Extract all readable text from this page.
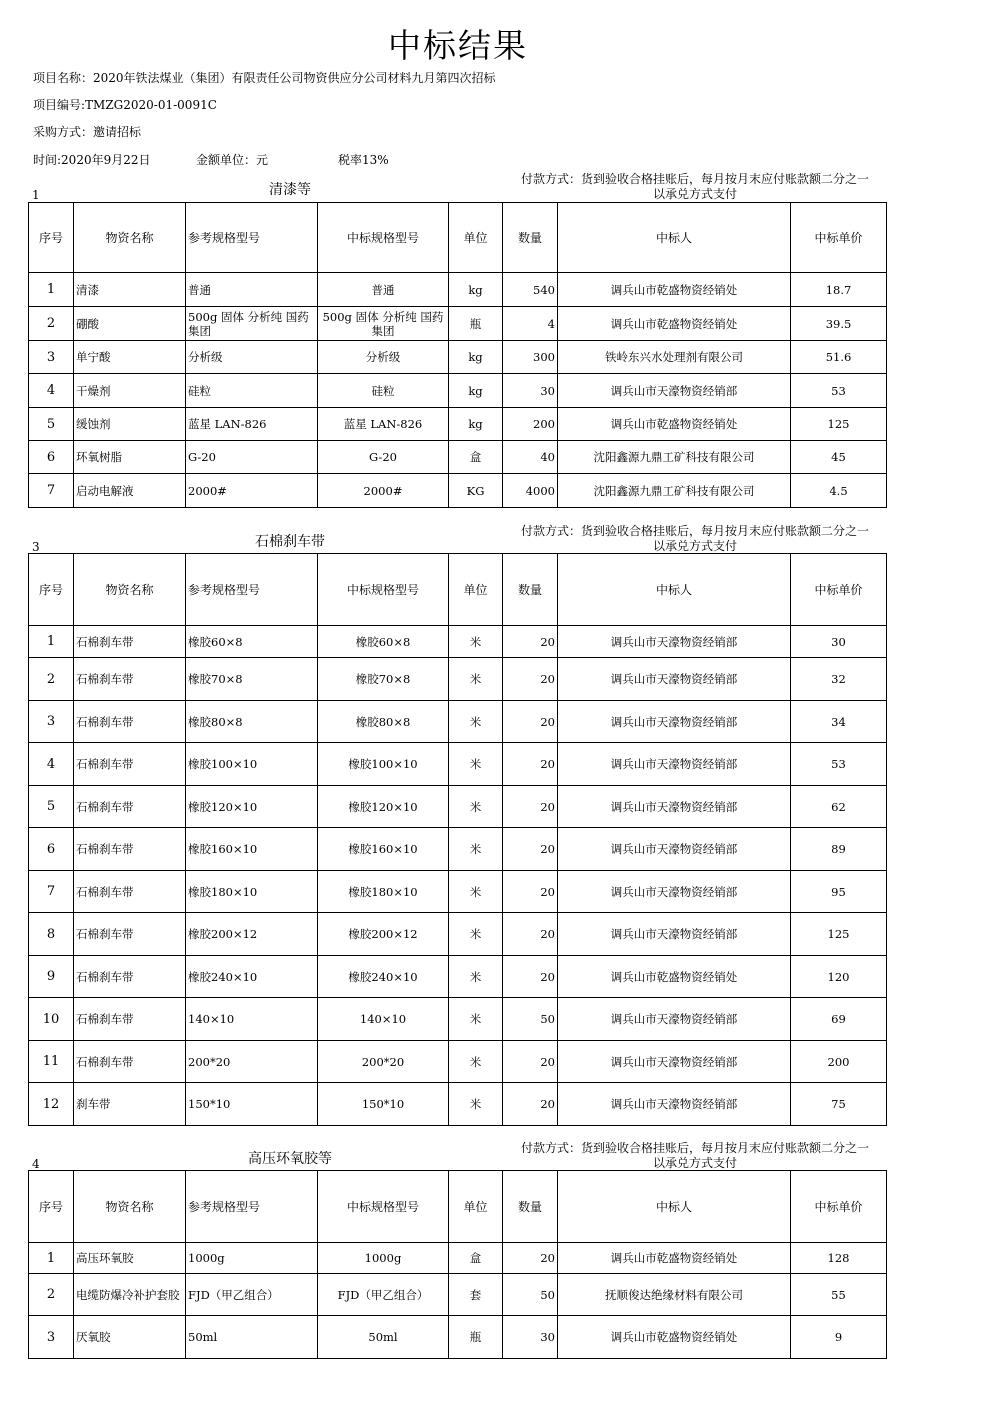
中标结果
项目名称：2020年铁法煤业（集团）有限责任公司物资供应分公司材料九月第四次招标
项目编号:TMZG2020-01-0091C
采购方式：邀请招标
时间:2020年9月22日	金额单位：元	税率13%
1	清漆等
付款方式：货到验收合格挂账后，每月按月末应付账款额二分之一
以承兑方式支付
序号	物资名称	参考规格型号	中标规格型号	单位	数量	中标人	中标单价
1	清漆	普通	普通	kg	540	调兵山市乾盛物资经销处	18.7
2	硼酸	500g 固体 分析纯 国药集团	500g 固体 分析纯 国药集团	瓶	4	调兵山市乾盛物资经销处	39.5
3	单宁酸	分析级	分析级	kg	300	铁岭东兴水处理剂有限公司	51.6
4	干燥剂	硅粒	硅粒	kg	30	调兵山市天濠物资经销部	53
5	缓蚀剂	蓝星 LAN-826	蓝星 LAN-826	kg	200	调兵山市乾盛物资经销处	125
6	环氧树脂	G-20	G-20	盒	40	沈阳鑫源九鼎工矿科技有限公司	45
7	启动电解液	2000#	2000#	KG	4000	沈阳鑫源九鼎工矿科技有限公司	4.5
3	石棉刹车带
付款方式：货到验收合格挂账后，每月按月末应付账款额二分之一
以承兑方式支付
序号	物资名称	参考规格型号	中标规格型号	单位	数量	中标人	中标单价
1	石棉刹车带	橡胶60×8	橡胶60×8	米	20	调兵山市天濠物资经销部	30
2	石棉刹车带	橡胶70×8	橡胶70×8	米	20	调兵山市天濠物资经销部	32
3	石棉刹车带	橡胶80×8	橡胶80×8	米	20	调兵山市天濠物资经销部	34
4	石棉刹车带	橡胶100×10	橡胶100×10	米	20	调兵山市天濠物资经销部	53
5	石棉刹车带	橡胶120×10	橡胶120×10	米	20	调兵山市天濠物资经销部	62
6	石棉刹车带	橡胶160×10	橡胶160×10	米	20	调兵山市天濠物资经销部	89
7	石棉刹车带	橡胶180×10	橡胶180×10	米	20	调兵山市天濠物资经销部	95
8	石棉刹车带	橡胶200×12	橡胶200×12	米	20	调兵山市天濠物资经销部	125
9	石棉刹车带	橡胶240×10	橡胶240×10	米	20	调兵山市乾盛物资经销处	120
10	石棉刹车带	140×10	140×10	米	50	调兵山市天濠物资经销部	69
11	石棉刹车带	200*20	200*20	米	20	调兵山市天濠物资经销部	200
12	刹车带	150*10	150*10	米	20	调兵山市天濠物资经销部	75
4	高压环氧胶等
付款方式：货到验收合格挂账后，每月按月末应付账款额二分之一
以承兑方式支付
序号	物资名称	参考规格型号	中标规格型号	单位	数量	中标人	中标单价
1	高压环氧胶	1000g	1000g	盒	20	调兵山市乾盛物资经销处	128
2	电缆防爆冷补护套胶	FJD（甲乙组合）	FJD（甲乙组合）	套	50	抚顺俊达绝缘材料有限公司	55
3	厌氧胶	50ml	50ml	瓶	30	调兵山市乾盛物资经销处	9
